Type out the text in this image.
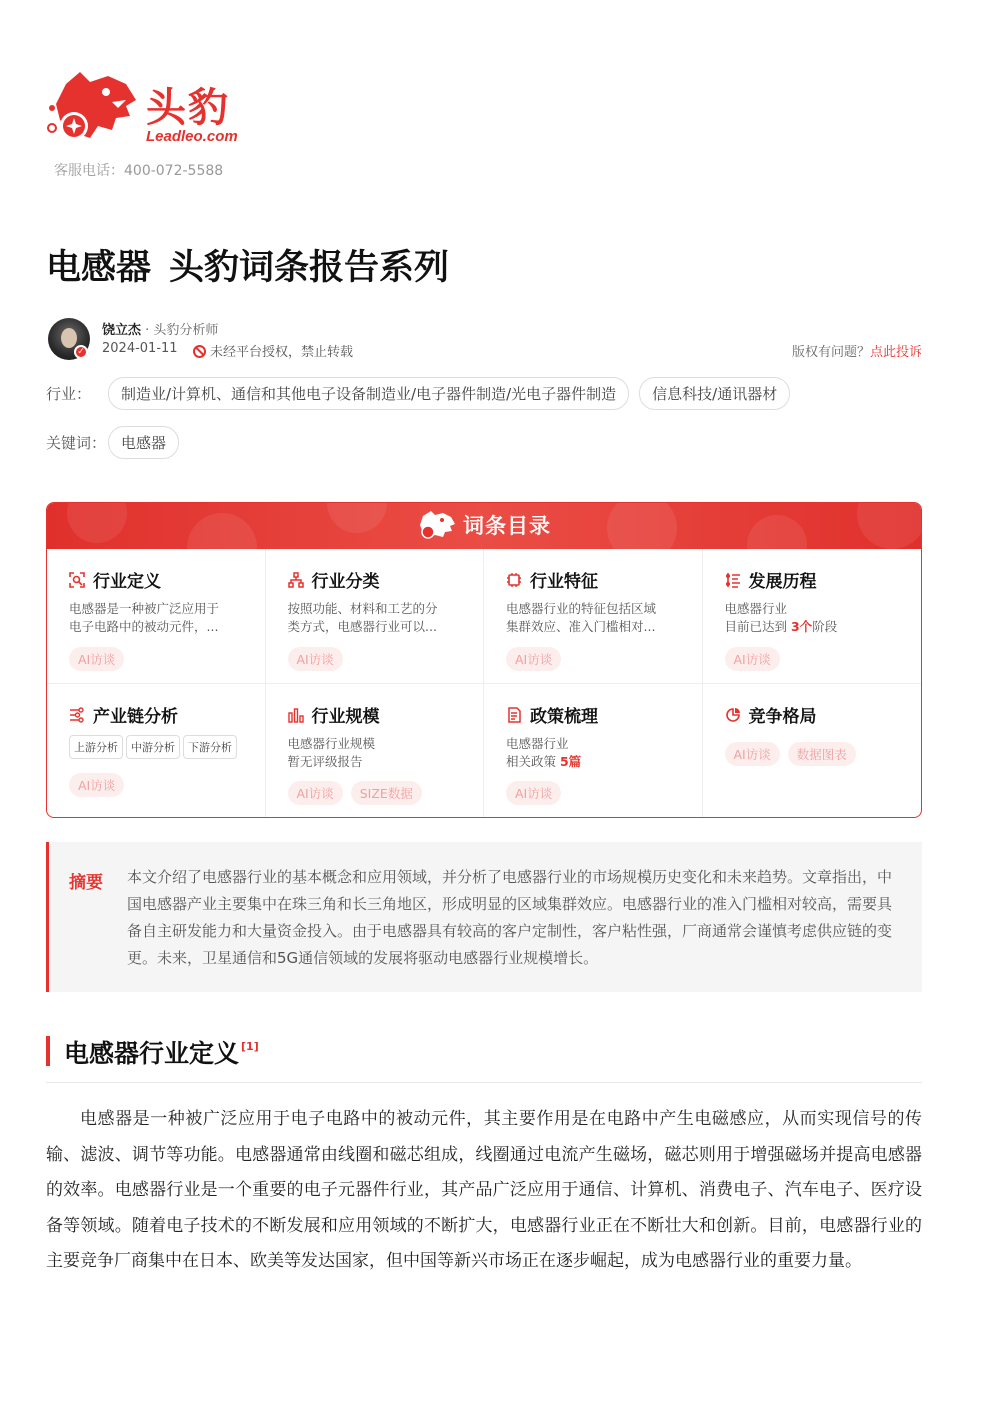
头豹
Leadleo.com
客服电话：400-072-5588
电感器 头豹词条报告系列
✓
饶立杰 · 头豹分析师
2024-01-11	未经平台授权，禁止转载	版权有问题？点此投诉
行业：	制造业/计算机、通信和其他电子设备制造业/电子器件制造/光电子器件制造 信息科技/通讯器材
关键词： 电感器
词条目录
行业定义
电感器是一种被广泛应用于
电子电路中的被动元件，...
AI访谈
行业分类
按照功能、材料和工艺的分
类方式，电感器行业可以...
AI访谈
行业特征
电感器行业的特征包括区域
集群效应、准入门槛相对...
AI访谈
发展历程
电感器行业
目前已达到 3个阶段
AI访谈
产业链分析
上游分析 中游分析 下游分析
AI访谈
行业规模
电感器行业规模
暂无评级报告
AI访谈 SIZE数据
政策梳理
电感器行业
相关政策 5篇
AI访谈
竞争格局
AI访谈 数据图表
摘要 本文介绍了电感器行业的基本概念和应用领域，并分析了电感器行业的市场规模历史变化和未来趋势。文章指出，中国电感器产业主要集中在珠三角和长三角地区，形成明显的区域集群效应。电感器行业的准入门槛相对较高，需要具备自主研发能力和大量资金投入。由于电感器具有较高的客户定制性，客户粘性强，厂商通常会谨慎考虑供应链的变更。未来，卫星通信和5G通信领域的发展将驱动电感器行业规模增长。
电感器行业定义 [1]
电感器是一种被广泛应用于电子电路中的被动元件，其主要作用是在电路中产生电磁感应，从而实现信号的传输、滤波、调节等功能。电感器通常由线圈和磁芯组成，线圈通过电流产生磁场，磁芯则用于增强磁场并提高电感器的效率。电感器行业是一个重要的电子元器件行业，其产品广泛应用于通信、计算机、消费电子、汽车电子、医疗设备等领域。随着电子技术的不断发展和应用领域的不断扩大，电感器行业正在不断壮大和创新。目前，电感器行业的主要竞争厂商集中在日本、欧美等发达国家，但中国等新兴市场正在逐步崛起，成为电感器行业的重要力量。
